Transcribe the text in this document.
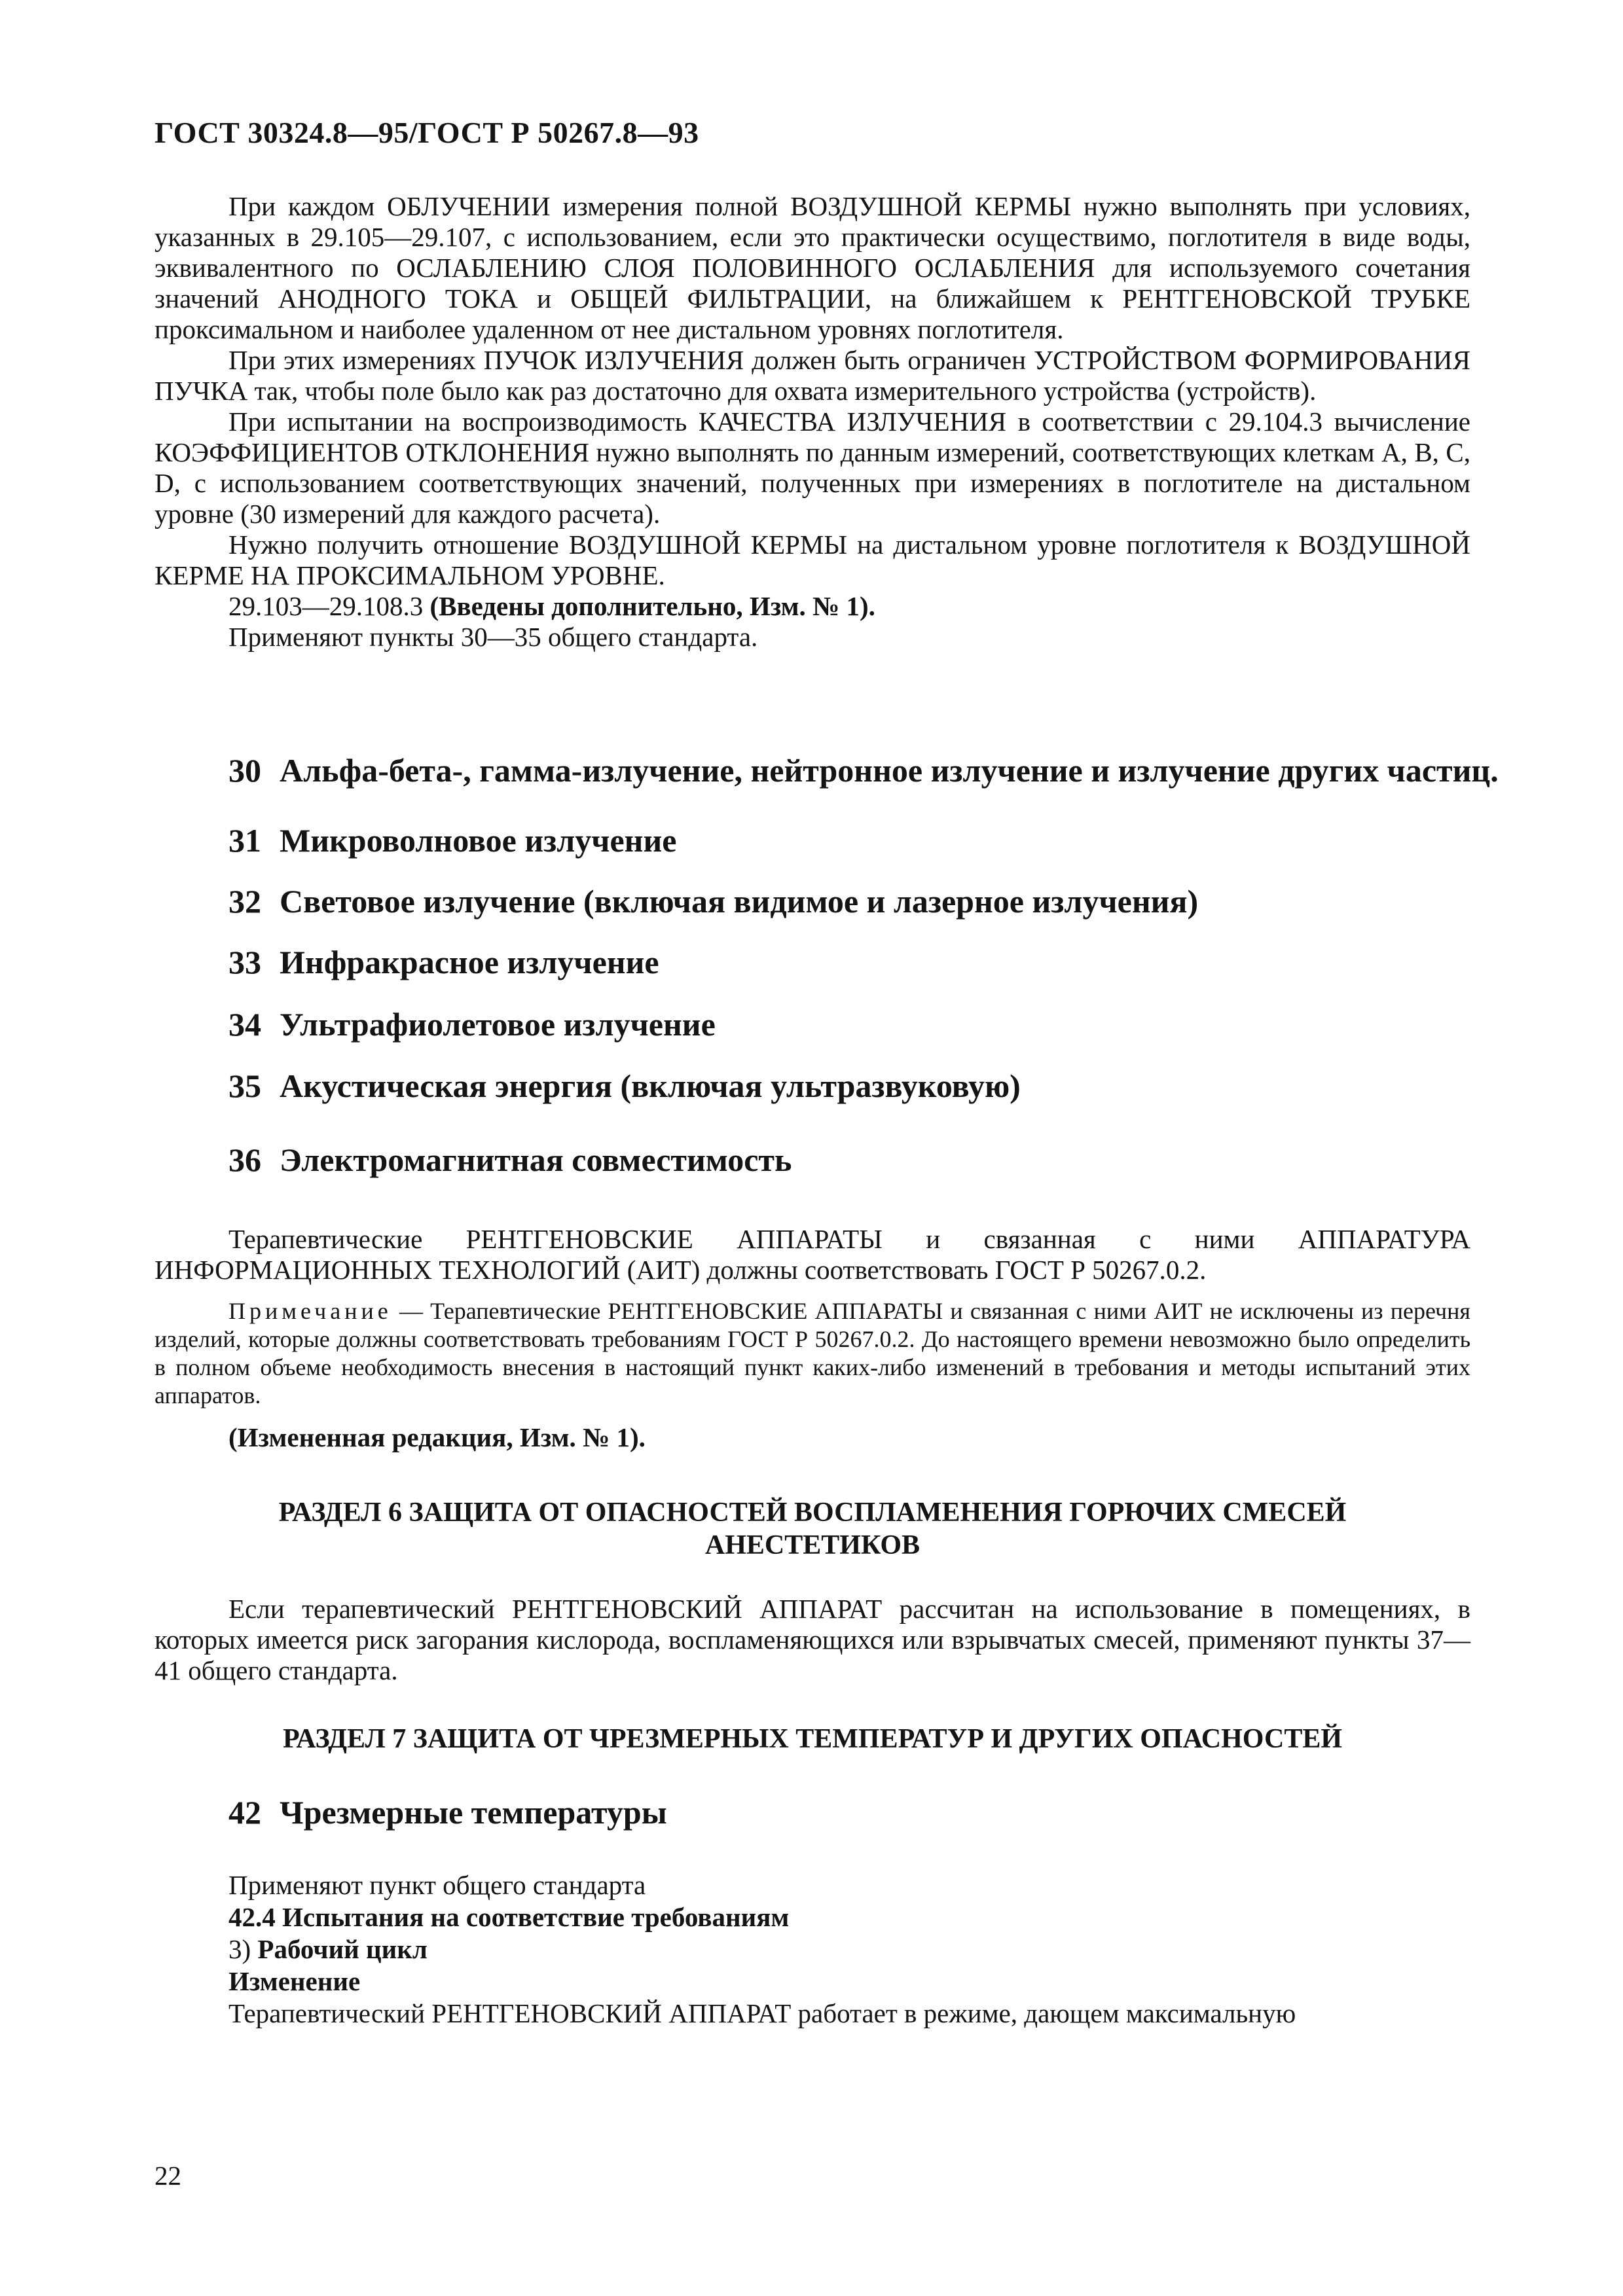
ГОСТ 30324.8—95/ГОСТ Р 50267.8—93

При каждом ОБЛУЧЕНИИ измерения полной ВОЗДУШНОЙ КЕРМЫ нужно выполнять при условиях, указанных в 29.105—29.107, с использованием, если это практически осуществимо, поглотителя в виде воды, эквивалентного по ОСЛАБЛЕНИЮ СЛОЯ ПОЛОВИННОГО ОСЛАБЛЕНИЯ для используемого сочетания значений АНОДНОГО ТОКА и ОБЩЕЙ ФИЛЬТРАЦИИ, на ближайшем к РЕНТГЕНОВСКОЙ ТРУБКЕ проксимальном и наиболее удаленном от нее дистальном уровнях поглотителя.

При этих измерениях ПУЧОК ИЗЛУЧЕНИЯ должен быть ограничен УСТРОЙСТВОМ ФОРМИРОВАНИЯ ПУЧКА так, чтобы поле было как раз достаточно для охвата измерительного устройства (устройств).

При испытании на воспроизводимость КАЧЕСТВА ИЗЛУЧЕНИЯ в соответствии с 29.104.3 вычисление КОЭФФИЦИЕНТОВ ОТКЛОНЕНИЯ нужно выполнять по данным измерений, соответствующих клеткам A, B, C, D, с использованием соответствующих значений, полученных при измерениях в поглотителе на дистальном уровне (30 измерений для каждого расчета).

Нужно получить отношение ВОЗДУШНОЙ КЕРМЫ на дистальном уровне поглотителя к ВОЗДУШНОЙ КЕРМЕ НА ПРОКСИМАЛЬНОМ УРОВНЕ.

29.103—29.108.3 (Введены дополнительно, Изм. № 1).

Применяют пункты 30—35 общего стандарта.

30 Альфа-бета-, гамма-излучение, нейтронное излучение и излучение других частиц.
31 Микроволновое излучение
32 Световое излучение (включая видимое и лазерное излучения)
33 Инфракрасное излучение
34 Ультрафиолетовое излучение
35 Акустическая энергия (включая ультразвуковую)
36 Электромагнитная совместимость

Терапевтические РЕНТГЕНОВСКИЕ АППАРАТЫ и связанная с ними АППАРАТУРА ИНФОРМАЦИОННЫХ ТЕХНОЛОГИЙ (АИТ) должны соответствовать ГОСТ Р 50267.0.2.

Примечание — Терапевтические РЕНТГЕНОВСКИЕ АППАРАТЫ и связанная с ними АИТ не исключены из перечня изделий, которые должны соответствовать требованиям ГОСТ Р 50267.0.2. До настоящего времени невозможно было определить в полном объеме необходимость внесения в настоящий пункт каких-либо изменений в требования и методы испытаний этих аппаратов.

(Измененная редакция, Изм. № 1).
РАЗДЕЛ 6 ЗАЩИТА ОТ ОПАСНОСТЕЙ ВОСПЛАМЕНЕНИЯ ГОРЮЧИХ СМЕСЕЙ
АНЕСТЕТИКОВ

Если терапевтический РЕНТГЕНОВСКИЙ АППАРАТ рассчитан на использование в помещениях, в которых имеется риск загорания кислорода, воспламеняющихся или взрывчатых смесей, применяют пункты 37—41 общего стандарта.

РАЗДЕЛ 7 ЗАЩИТА ОТ ЧРЕЗМЕРНЫХ ТЕМПЕРАТУР И ДРУГИХ ОПАСНОСТЕЙ
42 Чрезмерные температуры
Применяют пункт общего стандарта
42.4 Испытания на соответствие требованиям
3) Рабочий цикл
Изменение
Терапевтический РЕНТГЕНОВСКИЙ АППАРАТ работает в режиме, дающем максимальную
22
